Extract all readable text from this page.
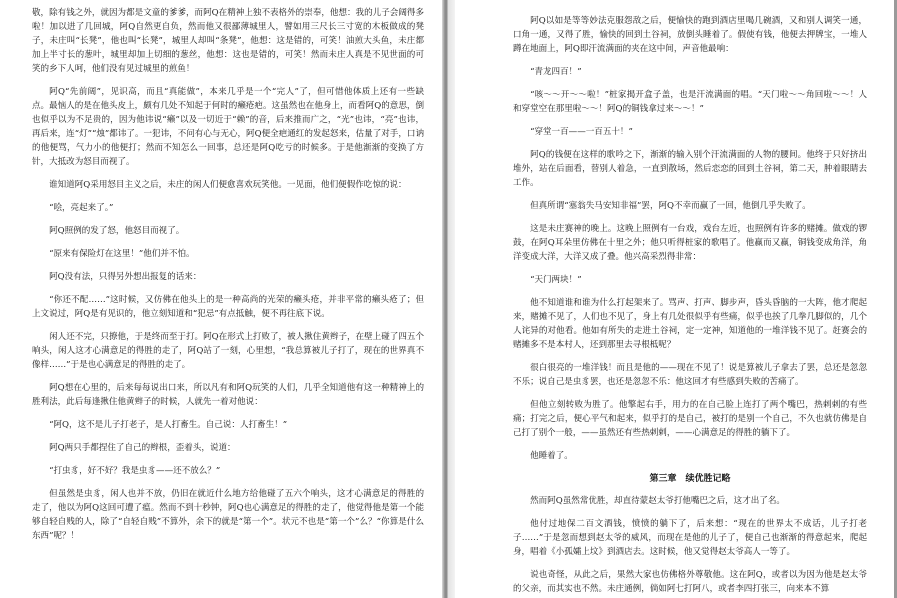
敬，除有钱之外，就因为都是文童的爹爹，而阿Q在精神上独不表格外的崇奉，他想：我的儿子会阔得多啦！加以进了几回城，阿Q自然更自负，然而他又很鄙薄城里人，譬如用三尺长三寸宽的木板做成的凳子，未庄叫“长凳”，他也叫“长凳”，城里人却叫“条凳”，他想：这是错的，可笑！油煎大头鱼，未庄都加上半寸长的葱叶，城里却加上切细的葱丝，他想：这也是错的，可笑！然而未庄人真是不见世面的可笑的乡下人呵，他们没有见过城里的煎鱼！

阿Q“先前阔”，见识高，而且“真能做”，本来几乎是一个“完人”了，但可惜他体质上还有一些缺点。最恼人的是在他头皮上，颇有几处不知起于何时的癞疮疤。这虽然也在他身上，而看阿Q的意思，倒也似乎以为不足贵的，因为他讳说“癞”以及一切近于“赖”的音，后来推而广之，“光”也讳，“亮”也讳，再后来，连“灯”“烛”都讳了。一犯讳，不问有心与无心，阿Q便全疤通红的发起怒来，估量了对手，口讷的他便骂，气力小的他便打；然而不知怎么一回事，总还是阿Q吃亏的时候多。于是他渐渐的变换了方针，大抵改为怒目而视了。

谁知道阿Q采用怒目主义之后，未庄的闲人们便愈喜欢玩笑他。一见面，他们便假作吃惊的说：

“哙，亮起来了。”

阿Q照例的发了怒，他怒目而视了。

“原来有保险灯在这里！”他们并不怕。

阿Q没有法，只得另外想出报复的话来：

“你还不配……”这时候，又仿佛在他头上的是一种高尚的光荣的癞头疮，并非平常的癞头疮了；但上文说过，阿Q是有见识的，他立刻知道和“犯忌”有点抵触，便不再往底下说。

闲人还不完，只撩他，于是终而至于打。阿Q在形式上打败了，被人揪住黄辫子，在壁上碰了四五个响头，闲人这才心满意足的得胜的走了，阿Q站了一刻，心里想，“我总算被儿子打了，现在的世界真不像样……”于是也心满意足的得胜的走了。

阿Q想在心里的，后来每每说出口来，所以凡有和阿Q玩笑的人们，几乎全知道他有这一种精神上的胜利法，此后每逢揪住他黄辫子的时候，人就先一着对他说：

“阿Q，这不是儿子打老子，是人打畜生。自己说：人打畜生！”

阿Q两只手都捏住了自己的辫根，歪着头，说道：

“打虫豸，好不好？我是虫豸——还不放么？”

但虽然是虫豸，闲人也并不放，仍旧在就近什么地方给他碰了五六个响头，这才心满意足的得胜的走了，他以为阿Q这回可遭了瘟。然而不到十秒钟，阿Q也心满意足的得胜的走了，他觉得他是第一个能够自轻自贱的人，除了“自轻自贱”不算外，余下的就是“第一个”。状元不也是“第一个”么？“你算是什么东西”呢？！

阿Q以如是等等妙法克服怨敌之后，便愉快的跑到酒店里喝几碗酒，又和别人调笑一通，口角一通，又得了胜，愉快的回到土谷祠，放倒头睡着了。假使有钱，他便去押牌宝，一堆人蹲在地面上，阿Q即汗流满面的夹在这中间，声音他最响：

“青龙四百！”

“咳～～开～～啦！”桩家揭开盒子盖，也是汗流满面的唱。“天门啦～～角回啦～～！人和穿堂空在那里啦～～！阿Q的铜钱拿过来～～！”

“穿堂一百——一百五十！”

阿Q的钱便在这样的歌吟之下，渐渐的输入别个汗流满面的人物的腰间。他终于只好挤出堆外，站在后面看，替别人着急，一直到散场，然后恋恋的回到土谷祠，第二天，肿着眼睛去工作。

但真所谓“塞翁失马安知非福”罢，阿Q不幸而赢了一回，他倒几乎失败了。

这是未庄赛神的晚上。这晚上照例有一台戏，戏台左近，也照例有许多的赌摊。做戏的锣鼓，在阿Q耳朵里仿佛在十里之外；他只听得桩家的歌唱了。他赢而又赢，铜钱变成角洋，角洋变成大洋，大洋又成了叠。他兴高采烈得非常：

“天门两块！”

他不知道谁和谁为什么打起架来了。骂声、打声、脚步声，昏头昏脑的一大阵，他才爬起来，赌摊不见了，人们也不见了，身上有几处很似乎有些痛，似乎也挨了几拳几脚似的，几个人诧异的对他看。他如有所失的走进土谷祠，定一定神，知道他的一堆洋钱不见了。赶赛会的赌摊多不是本村人，还到那里去寻根柢呢？

很白很亮的一堆洋钱！而且是他的——现在不见了！说是算被儿子拿去了罢，总还是忽忽不乐；说自己是虫豸罢，也还是忽忽不乐：他这回才有些感到失败的苦痛了。

但他立刻转败为胜了。他擎起右手，用力的在自己脸上连打了两个嘴巴，热剌剌的有些痛；打完之后，便心平气和起来，似乎打的是自己，被打的是别一个自己，不久也就仿佛是自己打了别个一般，——虽然还有些热剌剌，——心满意足的得胜的躺下了。

他睡着了。

第三章　续优胜记略

然而阿Q虽然常优胜，却直待蒙赵太爷打他嘴巴之后，这才出了名。

他付过地保二百文酒钱，愤愤的躺下了，后来想：“现在的世界太不成话，儿子打老子……”于是忽而想到赵太爷的威风，而现在是他的儿子了，便自己也渐渐的得意起来，爬起身，唱着《小孤孀上坟》到酒店去。这时候，他又觉得赵太爷高人一等了。

说也奇怪，从此之后，果然大家也仿佛格外尊敬他。这在阿Q，或者以为因为他是赵太爷的父亲，而其实也不然。未庄通例，倘如阿七打阿八，或者李四打张三，向来本不算
